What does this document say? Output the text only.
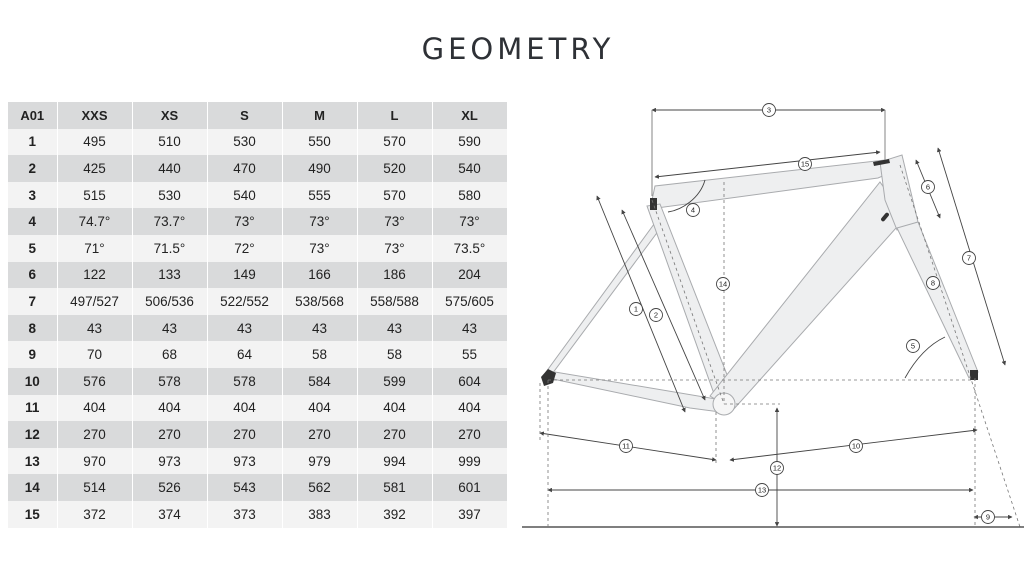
GEOMETRY
A01	XXS	XS	S	M	L	XL
1	495	510	530	550	570	590
2	425	440	470	490	520	540
3	515	530	540	555	570	580
4	74.7°	73.7°	73°	73°	73°	73°
5	71°	71.5°	72°	73°	73°	73.5°
6	122	133	149	166	186	204
7	497/527	506/536	522/552	538/568	558/588	575/605
8	43	43	43	43	43	43
9	70	68	64	58	58	55
10	576	578	578	584	599	604
11	404	404	404	404	404	404
12	270	270	270	270	270	270
13	970	973	973	979	994	999
14	514	526	543	562	581	601
15	372	374	373	383	392	397
1
2
3
4
5
6
7
8
9
10
11
12
13
14
15
